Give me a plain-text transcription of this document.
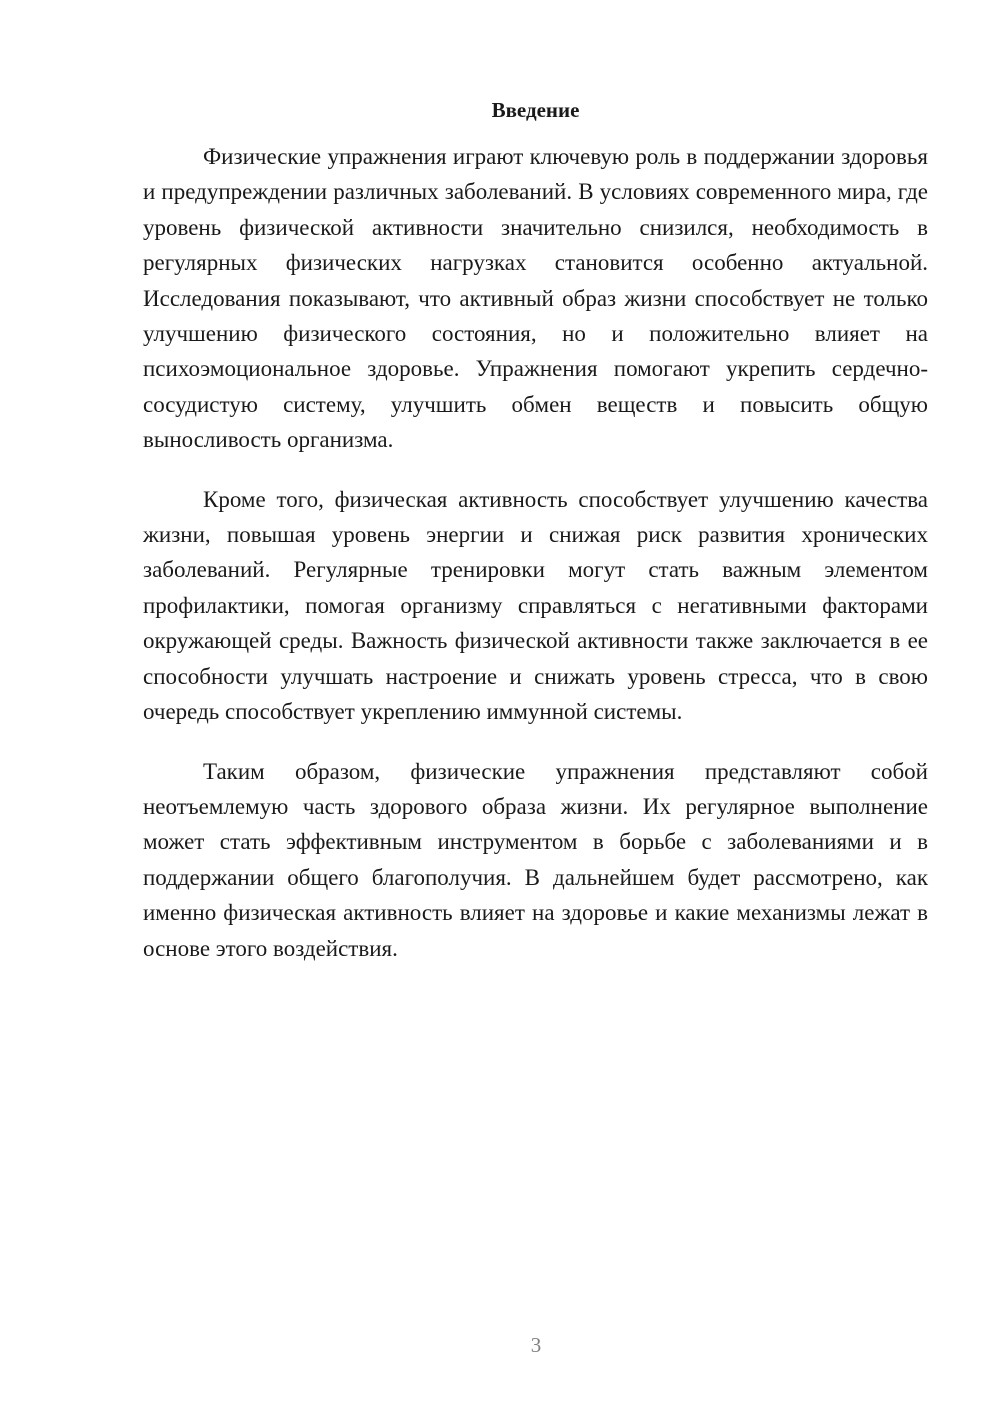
Введение

Физические упражнения играют ключевую роль в поддержании здоровья и предупреждении различных заболеваний. В условиях современного мира, где уровень физической активности значительно снизился, необходимость в регулярных физических нагрузках становится особенно актуальной. Исследования показывают, что активный образ жизни способствует не только улучшению физического состояния, но и положительно влияет на психоэмоциональное здоровье. Упражнения помогают укрепить сердечно-сосудистую систему, улучшить обмен веществ и повысить общую выносливость организма.

Кроме того, физическая активность способствует улучшению качества жизни, повышая уровень энергии и снижая риск развития хронических заболеваний. Регулярные тренировки могут стать важным элементом профилактики, помогая организму справляться с негативными факторами окружающей среды. Важность физической активности также заключается в ее способности улучшать настроение и снижать уровень стресса, что в свою очередь способствует укреплению иммунной системы.

Таким образом, физические упражнения представляют собой неотъемлемую часть здорового образа жизни. Их регулярное выполнение может стать эффективным инструментом в борьбе с заболеваниями и в поддержании общего благополучия. В дальнейшем будет рассмотрено, как именно физическая активность влияет на здоровье и какие механизмы лежат в основе этого воздействия.

3
